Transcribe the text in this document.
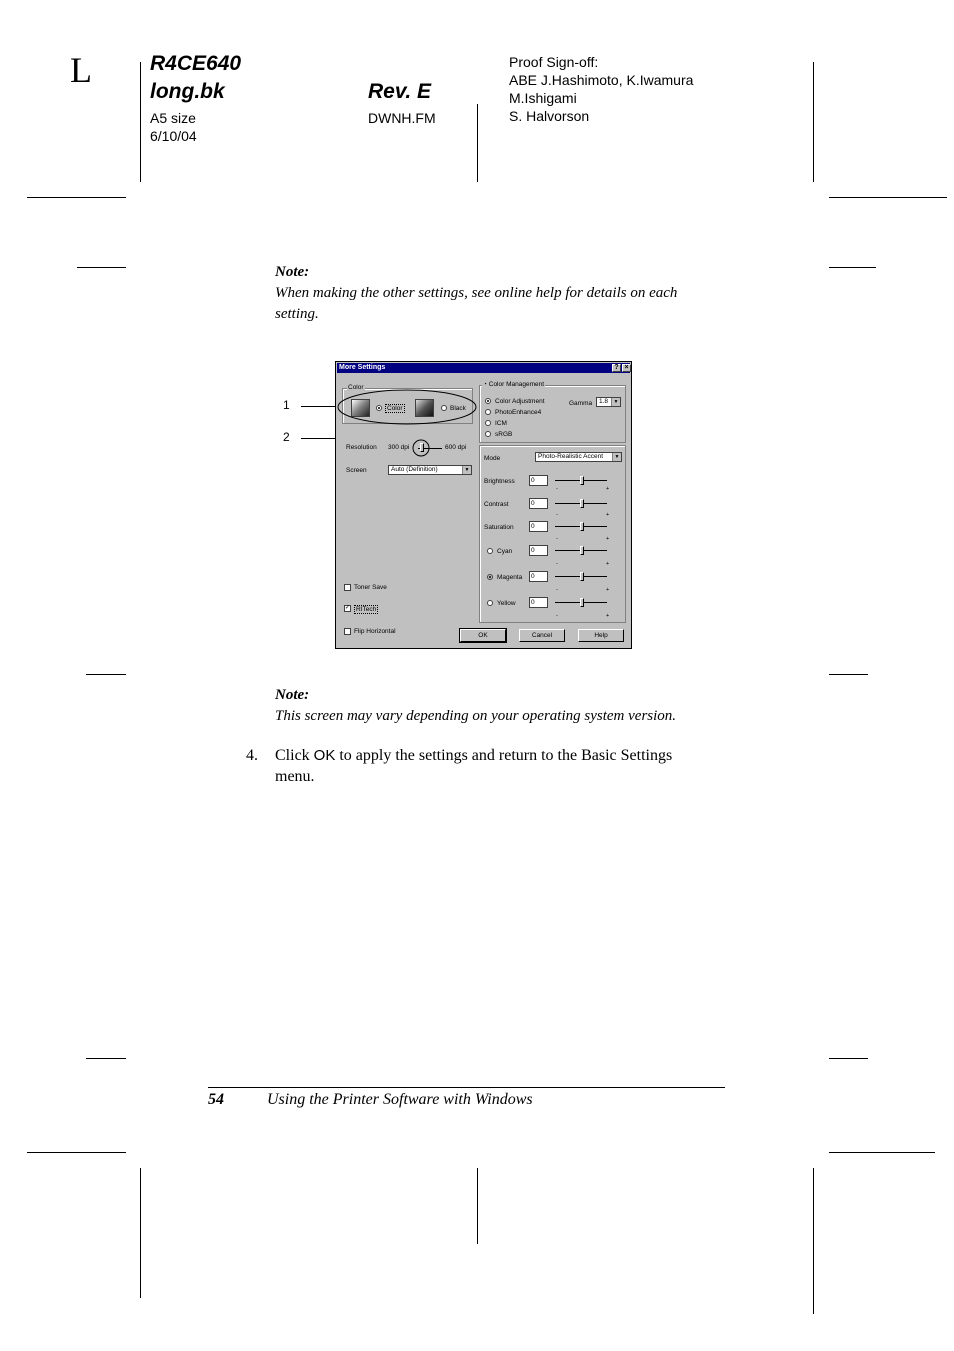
L	R4CE640
long.bk	Rev. E
A5 size
6/10/04
DWNH.FM
Proof Sign-off:
ABE J.Hashimoto, K.Iwamura
M.Ishigami
S. Halvorson
Note:
When making the other settings, see online help for details on each
setting.
1
2
More Settings	? ×
Color
Color	Black
Resolution 300 dpi	600 dpi
Screen	Auto (Definition)	▼
Toner Save
✓ RITech
Flip Horizontal
◔ Color Management
Color Adjustment
PhotoEnhance4
ICM
sRGB
Gamma	1.8	▼
Mode	Photo-Realistic Accent	▼
Brightness	0
-	+
Contrast	0
-	+
Saturation	0
-	+
Cyan	0
-	+
Magenta	0
-	+
Yellow	0
-	+
OK	Cancel	Help
Note:
This screen may vary depending on your operating system version.
4. Click OK to apply the settings and return to the Basic Settings
menu.
54	Using the Printer Software with Windows
